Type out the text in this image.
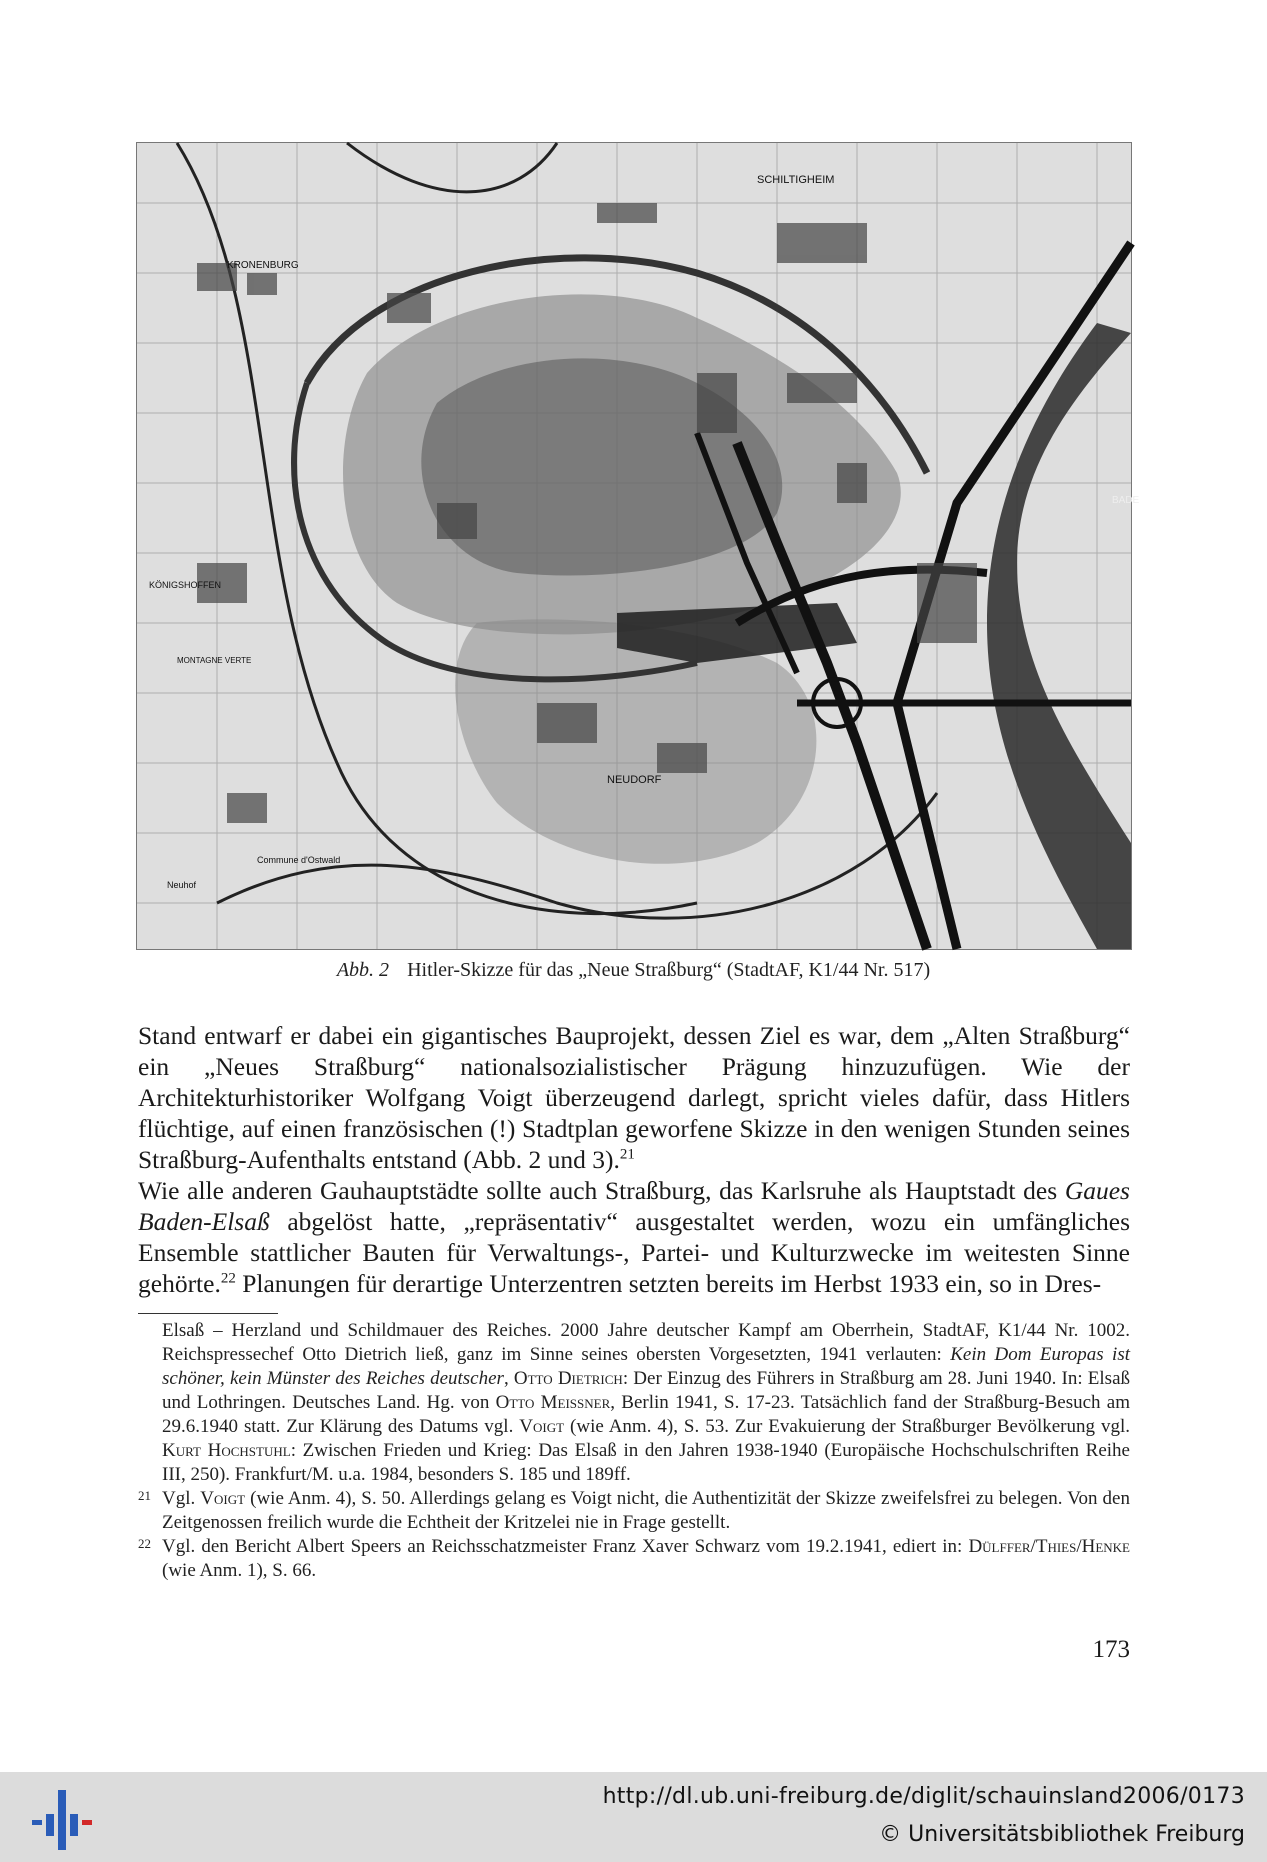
SCHILTIGHEIM
KRONENBURG
KÖNIGSHOFFEN
MONTAGNE VERTE
NEUDORF
BADE
Commune d'Ostwald
Neuhof
Abb. 2 Hitler-Skizze für das „Neue Straßburg“ (StadtAF, K1/44 Nr. 517)

Stand entwarf er dabei ein gigantisches Bauprojekt, dessen Ziel es war, dem „Alten Straßburg“ ein „Neues Straßburg“ nationalsozialistischer Prägung hinzuzufügen. Wie der Architekturhistoriker Wolfgang Voigt überzeugend darlegt, spricht vieles dafür, dass Hitlers flüchtige, auf einen französischen (!) Stadtplan geworfene Skizze in den wenigen Stunden seines Straßburg-Aufenthalts entstand (Abb. 2 und 3).$^{21}$

Wie alle anderen Gauhauptstädte sollte auch Straßburg, das Karlsruhe als Hauptstadt des Gaues Baden-Elsaß abgelöst hatte, „repräsentativ“ ausgestaltet werden, wozu ein umfängliches Ensemble stattlicher Bauten für Verwaltungs-, Partei- und Kulturzwecke im weitesten Sinne gehörte.$^{22}$ Planungen für derartige Unterzentren setzten bereits im Herbst 1933 ein, so in Dres-

Elsaß – Herzland und Schildmauer des Reiches. 2000 Jahre deutscher Kampf am Oberrhein, StadtAF, K1/44 Nr. 1002. Reichspressechef Otto Dietrich ließ, ganz im Sinne seines obersten Vorgesetzten, 1941 verlauten: Kein Dom Europas ist schöner, kein Münster des Reiches deutscher, Otto Dietrich: Der Einzug des Führers in Straßburg am 28. Juni 1940. In: Elsaß und Lothringen. Deutsches Land. Hg. von Otto Meißner, Berlin 1941, S. 17-23. Tatsächlich fand der Straßburg-Besuch am 29.6.1940 statt. Zur Klärung des Datums vgl. Voigt (wie Anm. 4), S. 53. Zur Evakuierung der Straßburger Bevölkerung vgl. Kurt Hochstuhl: Zwischen Frieden und Krieg: Das Elsaß in den Jahren 1938-1940 (Europäische Hochschulschriften Reihe III, 250). Frankfurt/M. u.a. 1984, besonders S. 185 und 189ff.

21 Vgl. Voigt (wie Anm. 4), S. 50. Allerdings gelang es Voigt nicht, die Authentizität der Skizze zweifelsfrei zu belegen. Von den Zeitgenossen freilich wurde die Echtheit der Kritzelei nie in Frage gestellt.

22 Vgl. den Bericht Albert Speers an Reichsschatzmeister Franz Xaver Schwarz vom 19.2.1941, ediert in: Dülffer/Thies/Henke (wie Anm. 1), S. 66.

173
http://dl.ub.uni-freiburg.de/diglit/schauinsland2006/0173
© Universitätsbibliothek Freiburg
